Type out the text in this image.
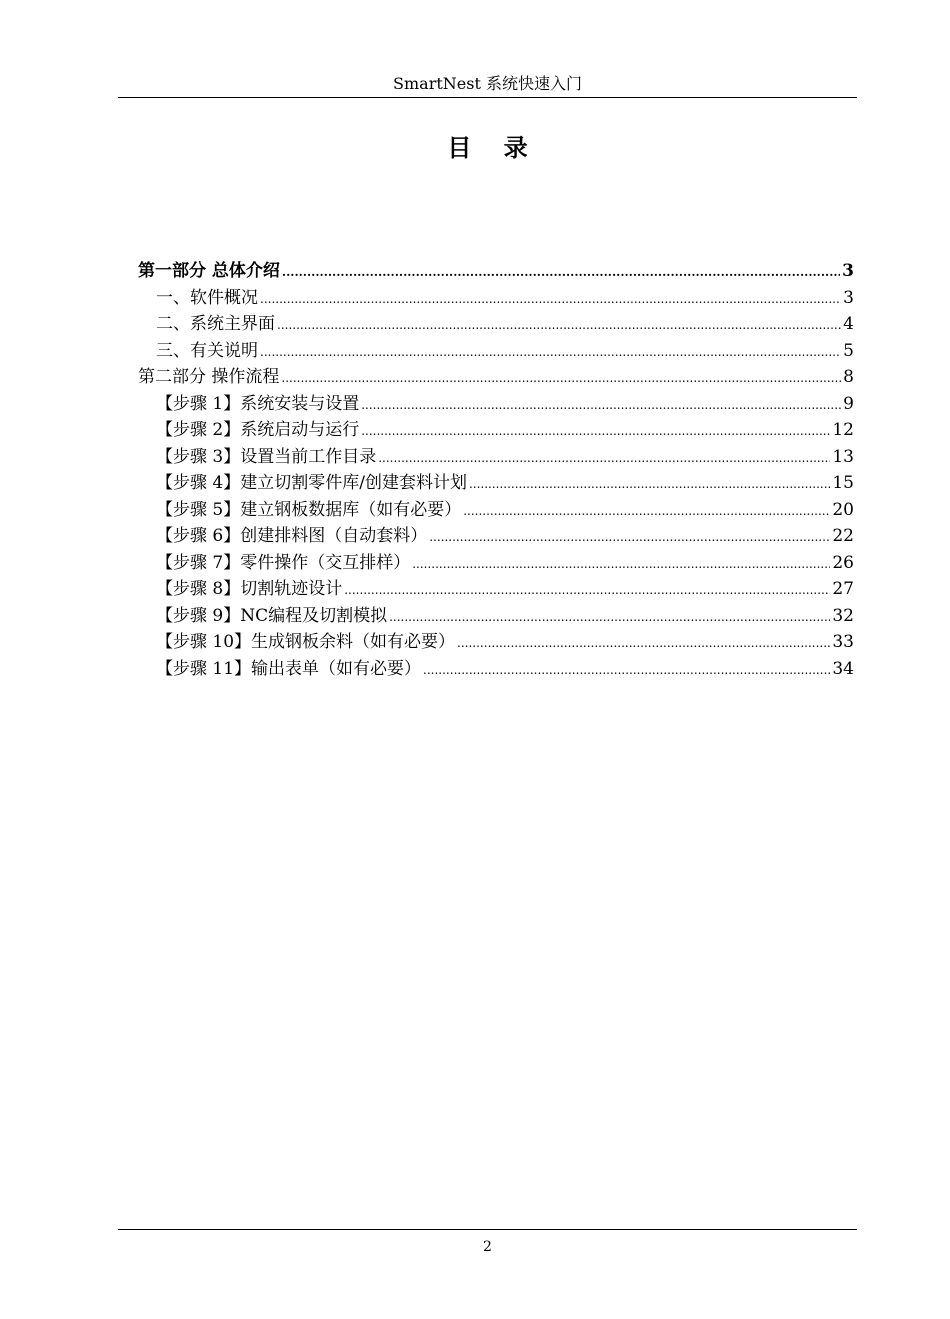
SmartNest 系统快速入门
目 录
第一部分 总体介绍 .....	3
一、软件概况 .....	3
二、系统主界面 .....	4
三、有关说明 .....	5
第二部分 操作流程 .....	8
【步骤 1】系统安装与设置 .....	9
【步骤 2】系统启动与运行 .....	12
【步骤 3】设置当前工作目录 .....	13
【步骤 4】建立切割零件库/创建套料计划 .....	15
【步骤 5】建立钢板数据库（如有必要） .....	20
【步骤 6】创建排料图（自动套料） .....	22
【步骤 7】零件操作（交互排样） .....	26
【步骤 8】切割轨迹设计 .....	27
【步骤 9】NC编程及切割模拟 .....	32
【步骤 10】生成钢板余料（如有必要） .....	33
【步骤 11】输出表单（如有必要） .....	34
2
